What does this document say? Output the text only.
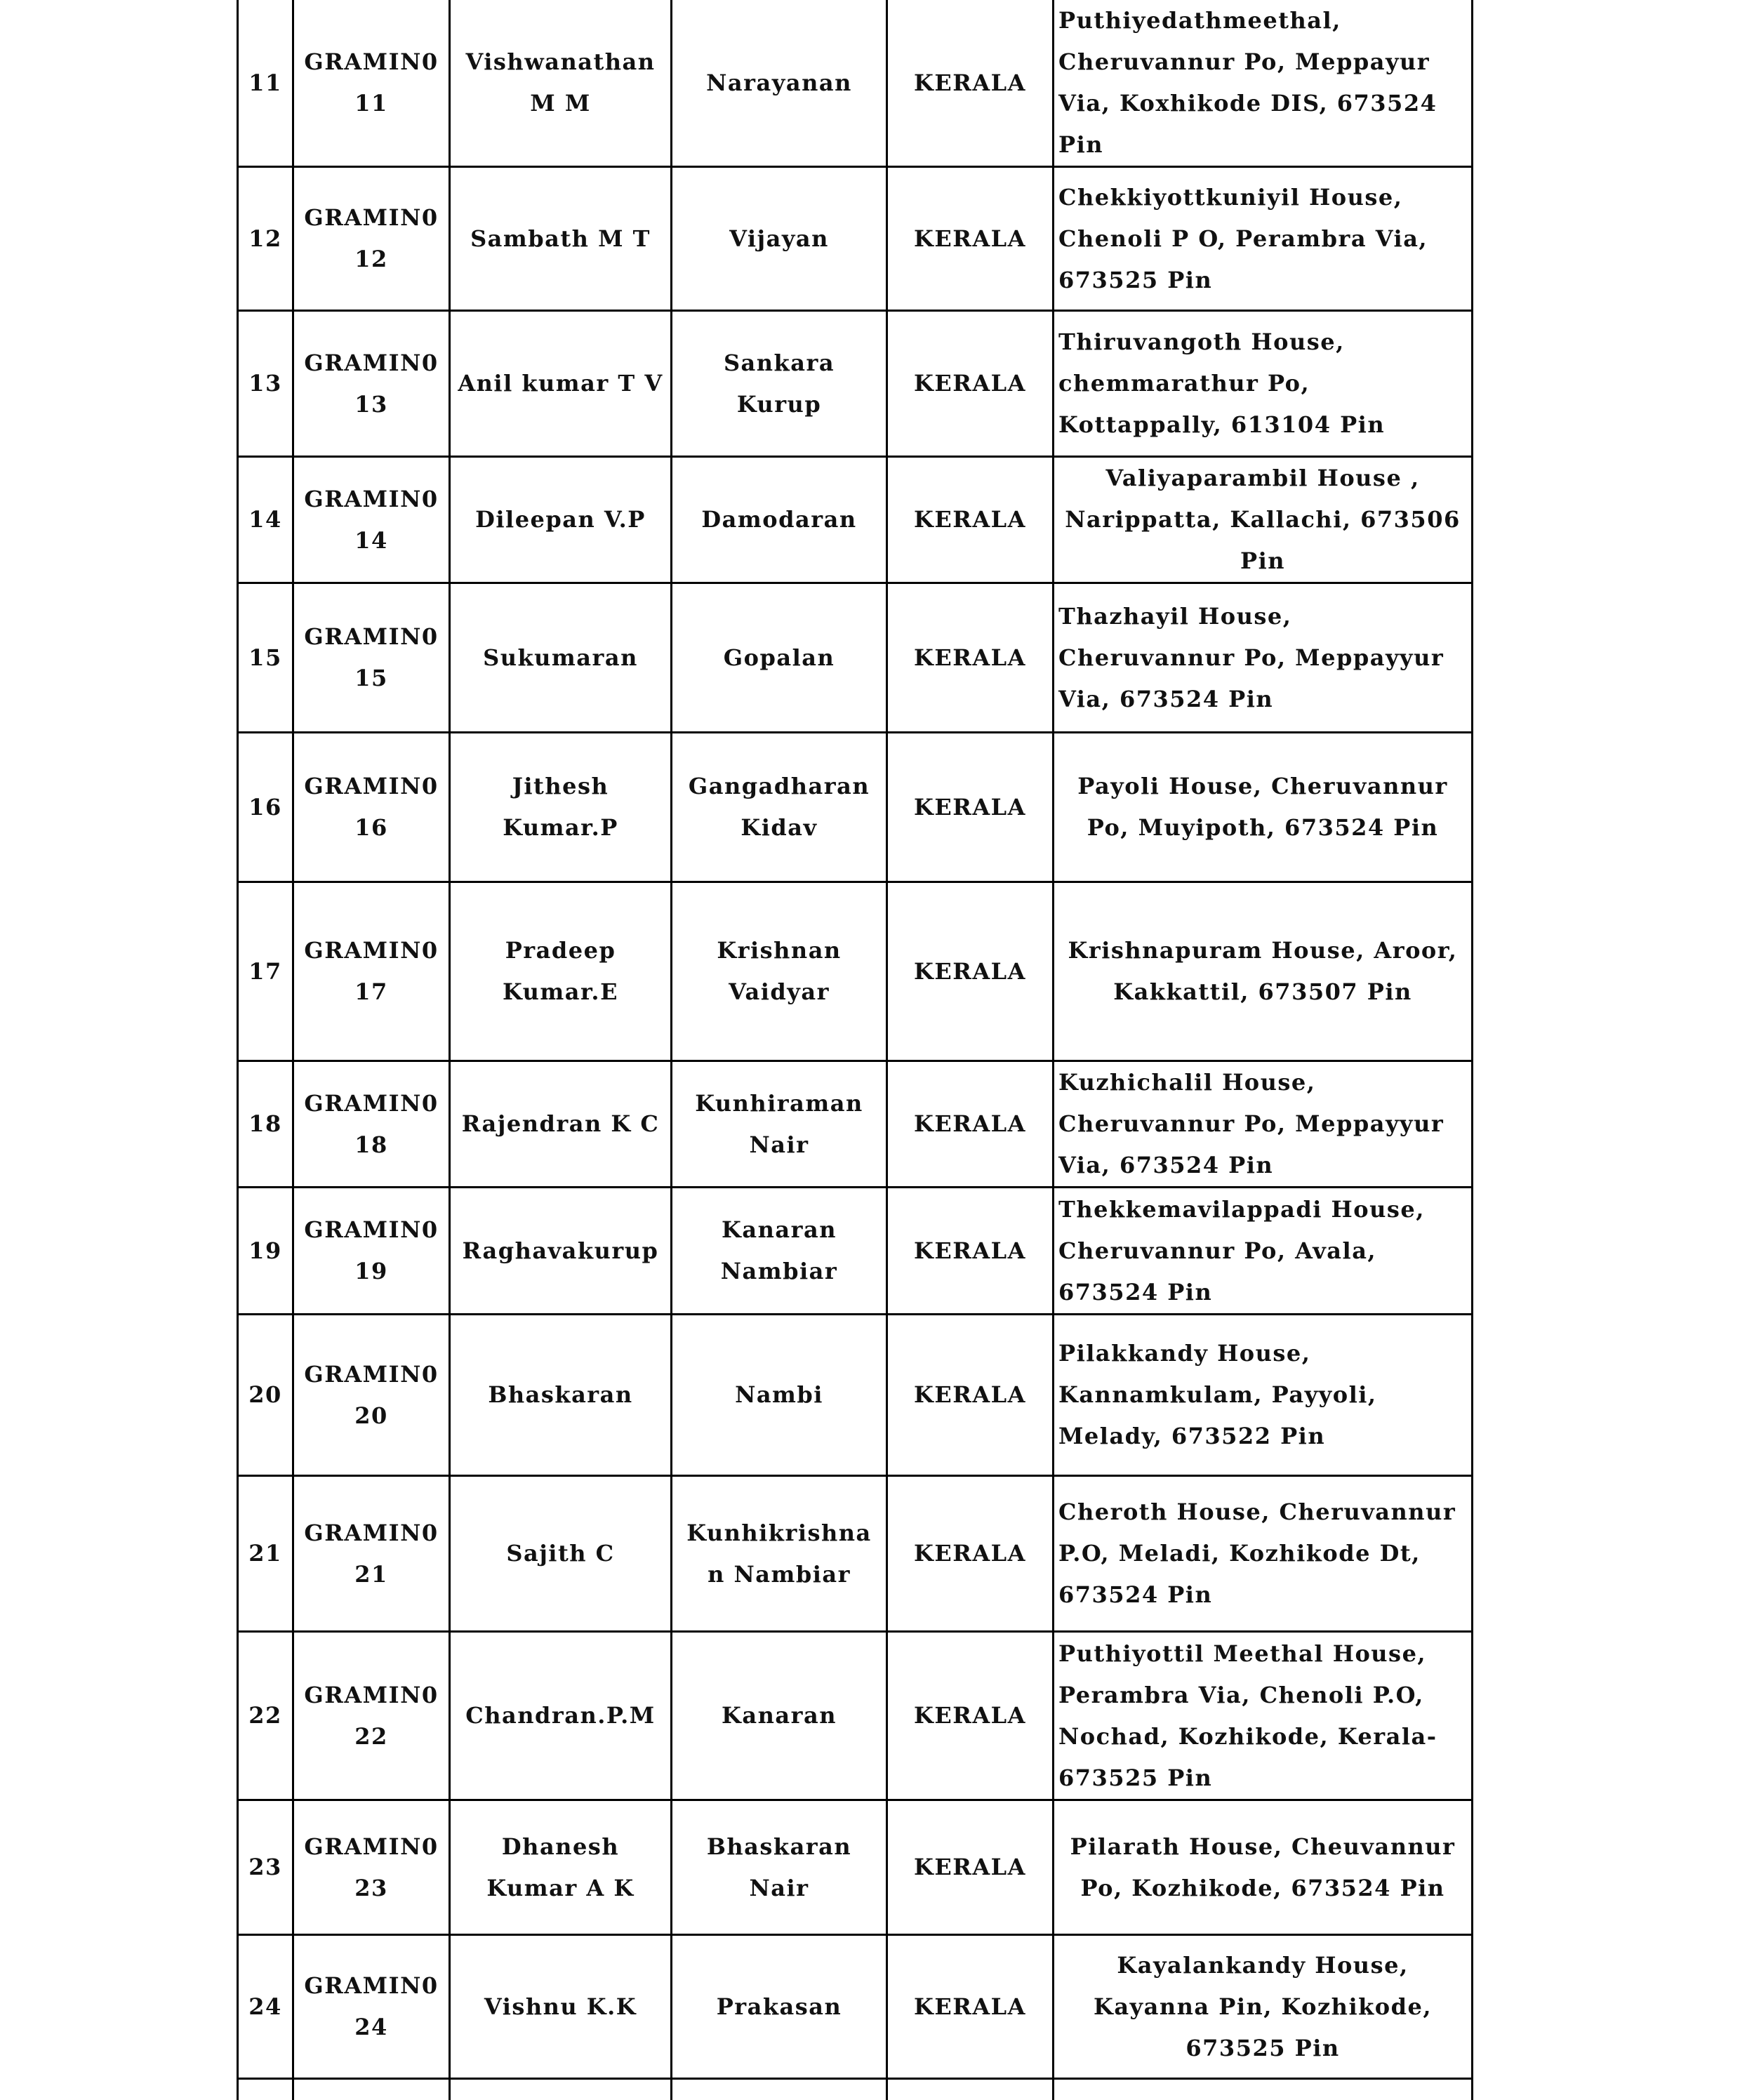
11	GRAMIN011	Vishwanathan M M	Narayanan	KERALA	Puthiyedathmeethal, Cheruvannur Po, Meppayur Via, Koxhikode DIS, 673524 Pin
12	GRAMIN012	Sambath M T	Vijayan	KERALA	Chekkiyottkuniyil House, Chenoli P O, Perambra Via, 673525 Pin
13	GRAMIN013	Anil kumar T V	Sankara Kurup	KERALA	Thiruvangoth House, chemmarathur Po, Kottappally, 613104 Pin
14	GRAMIN014	Dileepan V.P	Damodaran	KERALA	Valiyaparambil House , Narippatta, Kallachi, 673506 Pin
15	GRAMIN015	Sukumaran	Gopalan	KERALA	Thazhayil House, Cheruvannur Po, Meppayyur Via, 673524 Pin
16	GRAMIN016	Jithesh Kumar.P	Gangadharan Kidav	KERALA	Payoli House, Cheruvannur Po, Muyipoth, 673524 Pin
17	GRAMIN017	Pradeep Kumar.E	Krishnan Vaidyar	KERALA	Krishnapuram House, Aroor, Kakkattil, 673507 Pin
18	GRAMIN018	Rajendran K C	Kunhiraman Nair	KERALA	Kuzhichalil House, Cheruvannur Po, Meppayyur Via, 673524 Pin
19	GRAMIN019	Raghavakurup	Kanaran Nambiar	KERALA	Thekkemavilappadi House, Cheruvannur Po, Avala, 673524 Pin
20	GRAMIN020	Bhaskaran	Nambi	KERALA	Pilakkandy House, Kannamkulam, Payyoli, Melady, 673522 Pin
21	GRAMIN021	Sajith C	Kunhikrishnan Nambiar	KERALA	Cheroth House, Cheruvannur P.O, Meladi, Kozhikode Dt, 673524 Pin
22	GRAMIN022	Chandran.P.M	Kanaran	KERALA	Puthiyottil Meethal House, Perambra Via, Chenoli P.O, Nochad, Kozhikode, Kerala-673525 Pin
23	GRAMIN023	Dhanesh Kumar A K	Bhaskaran Nair	KERALA	Pilarath House, Cheuvannur Po, Kozhikode, 673524 Pin
24	GRAMIN024	Vishnu K.K	Prakasan	KERALA	Kayalankandy House, Kayanna Pin, Kozhikode, 673525 Pin
